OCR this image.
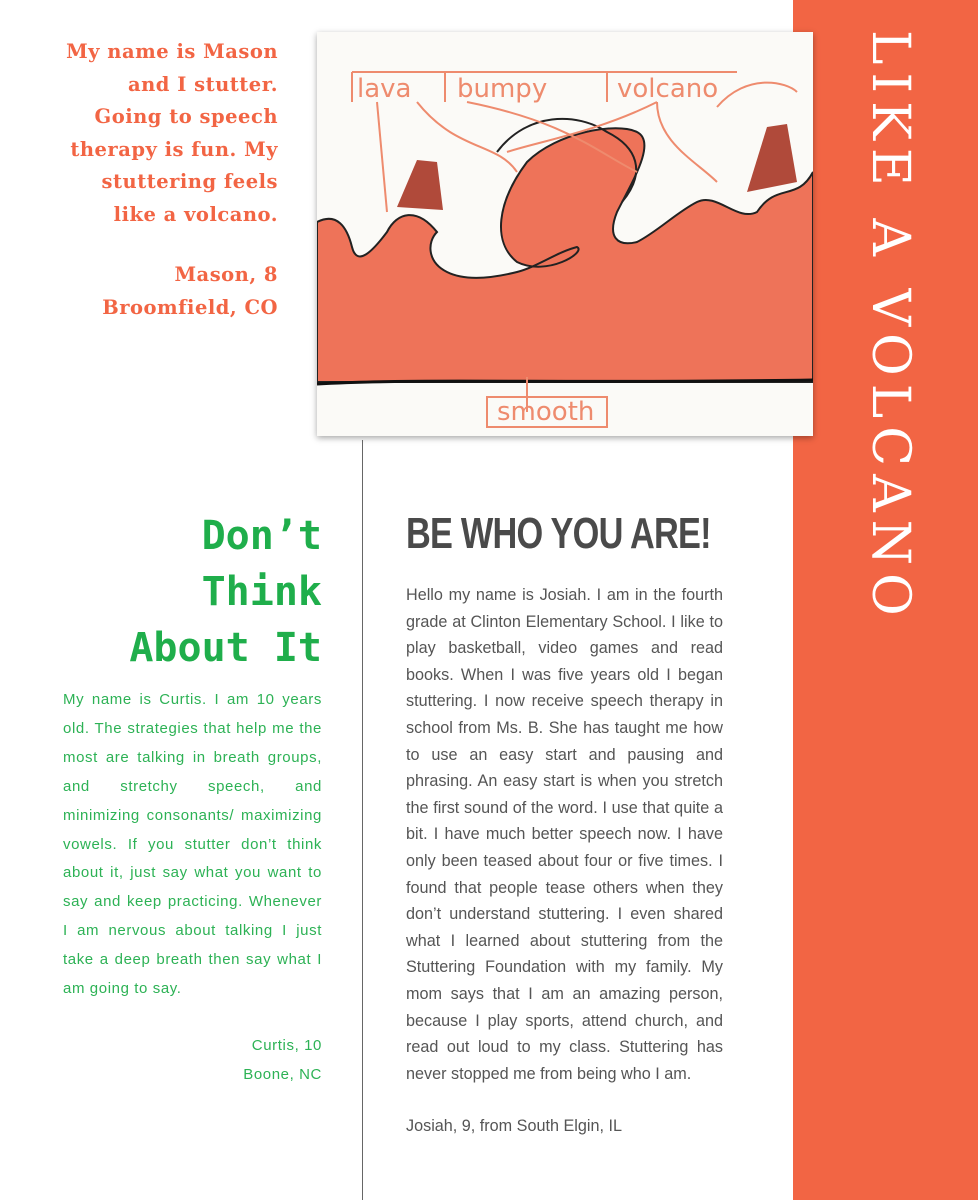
LIKE A VOLCANO

My name is Mason and I stutter. Going to speech therapy is fun. My stuttering feels like a volcano.

Mason, 8
Broomfield, CO

lava bumpy	volcano
smooth
Don’t
Think
About It

My name is Curtis. I am 10 years old. The strategies that help me the most are talking in breath groups, and stretchy speech, and minimizing consonants/ maximizing vowels. If you stutter don’t think about it, just say what you want to say and keep practicing. Whenever I am nervous about talking I just take a deep breath then say what I am going to say.

Curtis, 10
Boone, NC

BE WHO YOU ARE!

Hello my name is Josiah. I am in the fourth grade at Clinton Elementary School. I like to play basketball, video games and read books. When I was five years old I began stuttering. I now receive speech therapy in school from Ms. B. She has taught me how to use an easy start and pausing and phrasing. An easy start is when you stretch the first sound of the word. I use that quite a bit. I have much better speech now. I have only been teased about four or five times. I found that people tease others when they don’t understand stuttering. I even shared what I learned about stuttering from the Stuttering Foundation with my family. My mom says that I am an amazing person, because I play sports, attend church, and read out loud to my class. Stuttering has never stopped me from being who I am.

Josiah, 9, from South Elgin, IL
